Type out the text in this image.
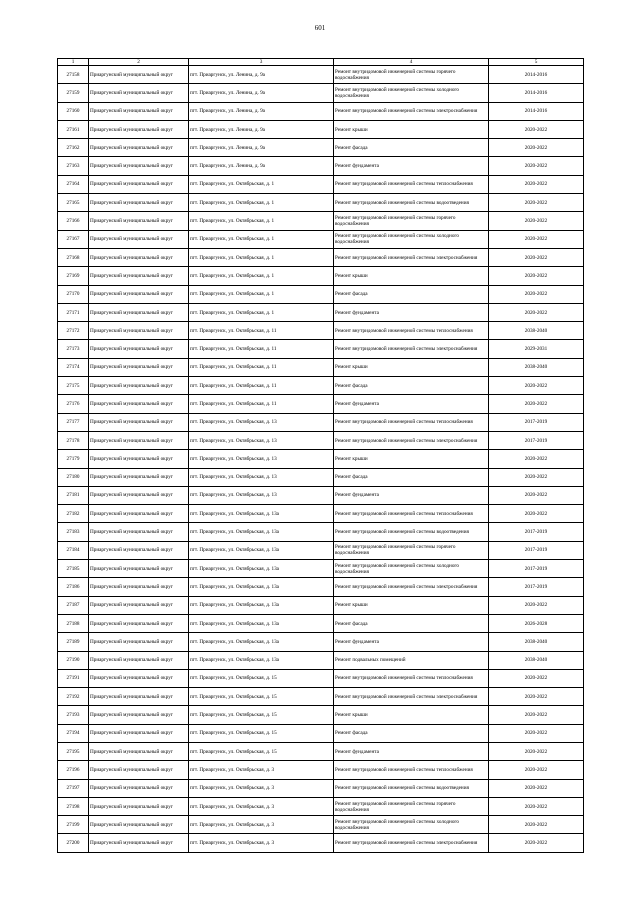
601
1	2	3	4	5
27158	Приаргунский муниципальный округ	пгт. Приаргунск, ул. Ленина, д. 9а	Ремонт внутридомовой инженерной системы горячего водоснабжения	2014-2016
27159	Приаргунский муниципальный округ	пгт. Приаргунск, ул. Ленина, д. 9а	Ремонт внутридомовой инженерной системы холодного водоснабжения	2014-2016
27160	Приаргунский муниципальный округ	пгт. Приаргунск, ул. Ленина, д. 9а	Ремонт внутридомовой инженерной системы электроснабжения	2014-2016
27161	Приаргунский муниципальный округ	пгт. Приаргунск, ул. Ленина, д. 9а	Ремонт крыши	2020-2022
27162	Приаргунский муниципальный округ	пгт. Приаргунск, ул. Ленина, д. 9а	Ремонт фасада	2020-2022
27163	Приаргунский муниципальный округ	пгт. Приаргунск, ул. Ленина, д. 9а	Ремонт фундамента	2020-2022
27164	Приаргунский муниципальный округ	пгт. Приаргунск, ул. Октябрьская, д. 1	Ремонт внутридомовой инженерной системы теплоснабжения	2020-2022
27165	Приаргунский муниципальный округ	пгт. Приаргунск, ул. Октябрьская, д. 1	Ремонт внутридомовой инженерной системы водоотведения	2020-2022
27166	Приаргунский муниципальный округ	пгт. Приаргунск, ул. Октябрьская, д. 1	Ремонт внутридомовой инженерной системы горячего водоснабжения	2020-2022
27167	Приаргунский муниципальный округ	пгт. Приаргунск, ул. Октябрьская, д. 1	Ремонт внутридомовой инженерной системы холодного водоснабжения	2020-2022
27168	Приаргунский муниципальный округ	пгт. Приаргунск, ул. Октябрьская, д. 1	Ремонт внутридомовой инженерной системы электроснабжения	2020-2022
27169	Приаргунский муниципальный округ	пгт. Приаргунск, ул. Октябрьская, д. 1	Ремонт крыши	2020-2022
27170	Приаргунский муниципальный округ	пгт. Приаргунск, ул. Октябрьская, д. 1	Ремонт фасада	2020-2022
27171	Приаргунский муниципальный округ	пгт. Приаргунск, ул. Октябрьская, д. 1	Ремонт фундамента	2020-2022
27172	Приаргунский муниципальный округ	пгт. Приаргунск, ул. Октябрьская, д. 11	Ремонт внутридомовой инженерной системы теплоснабжения	2038-2040
27173	Приаргунский муниципальный округ	пгт. Приаргунск, ул. Октябрьская, д. 11	Ремонт внутридомовой инженерной системы электроснабжения	2029-2031
27174	Приаргунский муниципальный округ	пгт. Приаргунск, ул. Октябрьская, д. 11	Ремонт крыши	2038-2040
27175	Приаргунский муниципальный округ	пгт. Приаргунск, ул. Октябрьская, д. 11	Ремонт фасада	2020-2022
27176	Приаргунский муниципальный округ	пгт. Приаргунск, ул. Октябрьская, д. 11	Ремонт фундамента	2020-2022
27177	Приаргунский муниципальный округ	пгт. Приаргунск, ул. Октябрьская, д. 13	Ремонт внутридомовой инженерной системы теплоснабжения	2017-2019
27178	Приаргунский муниципальный округ	пгт. Приаргунск, ул. Октябрьская, д. 13	Ремонт внутридомовой инженерной системы электроснабжения	2017-2019
27179	Приаргунский муниципальный округ	пгт. Приаргунск, ул. Октябрьская, д. 13	Ремонт крыши	2020-2022
27180	Приаргунский муниципальный округ	пгт. Приаргунск, ул. Октябрьская, д. 13	Ремонт фасада	2020-2022
27181	Приаргунский муниципальный округ	пгт. Приаргунск, ул. Октябрьская, д. 13	Ремонт фундамента	2020-2022
27182	Приаргунский муниципальный округ	пгт. Приаргунск, ул. Октябрьская, д. 13а	Ремонт внутридомовой инженерной системы теплоснабжения	2020-2022
27183	Приаргунский муниципальный округ	пгт. Приаргунск, ул. Октябрьская, д. 13а	Ремонт внутридомовой инженерной системы водоотведения	2017-2019
27184	Приаргунский муниципальный округ	пгт. Приаргунск, ул. Октябрьская, д. 13а	Ремонт внутридомовой инженерной системы горячего водоснабжения	2017-2019
27185	Приаргунский муниципальный округ	пгт. Приаргунск, ул. Октябрьская, д. 13а	Ремонт внутридомовой инженерной системы холодного водоснабжения	2017-2019
27186	Приаргунский муниципальный округ	пгт. Приаргунск, ул. Октябрьская, д. 13а	Ремонт внутридомовой инженерной системы электроснабжения	2017-2019
27187	Приаргунский муниципальный округ	пгт. Приаргунск, ул. Октябрьская, д. 13а	Ремонт крыши	2020-2022
27188	Приаргунский муниципальный округ	пгт. Приаргунск, ул. Октябрьская, д. 13а	Ремонт фасада	2026-2028
27189	Приаргунский муниципальный округ	пгт. Приаргунск, ул. Октябрьская, д. 13а	Ремонт фундамента	2038-2040
27190	Приаргунский муниципальный округ	пгт. Приаргунск, ул. Октябрьская, д. 13а	Ремонт подвальных помещений	2038-2040
27191	Приаргунский муниципальный округ	пгт. Приаргунск, ул. Октябрьская, д. 15	Ремонт внутридомовой инженерной системы теплоснабжения	2020-2022
27192	Приаргунский муниципальный округ	пгт. Приаргунск, ул. Октябрьская, д. 15	Ремонт внутридомовой инженерной системы электроснабжения	2020-2022
27193	Приаргунский муниципальный округ	пгт. Приаргунск, ул. Октябрьская, д. 15	Ремонт крыши	2020-2022
27194	Приаргунский муниципальный округ	пгт. Приаргунск, ул. Октябрьская, д. 15	Ремонт фасада	2020-2022
27195	Приаргунский муниципальный округ	пгт. Приаргунск, ул. Октябрьская, д. 15	Ремонт фундамента	2020-2022
27196	Приаргунский муниципальный округ	пгт. Приаргунск, ул. Октябрьская, д. 3	Ремонт внутридомовой инженерной системы теплоснабжения	2020-2022
27197	Приаргунский муниципальный округ	пгт. Приаргунск, ул. Октябрьская, д. 3	Ремонт внутридомовой инженерной системы водоотведения	2020-2022
27198	Приаргунский муниципальный округ	пгт. Приаргунск, ул. Октябрьская, д. 3	Ремонт внутридомовой инженерной системы горячего водоснабжения	2020-2022
27199	Приаргунский муниципальный округ	пгт. Приаргунск, ул. Октябрьская, д. 3	Ремонт внутридомовой инженерной системы холодного водоснабжения	2020-2022
27200	Приаргунский муниципальный округ	пгт. Приаргунск, ул. Октябрьская, д. 3	Ремонт внутридомовой инженерной системы электроснабжения	2020-2022
